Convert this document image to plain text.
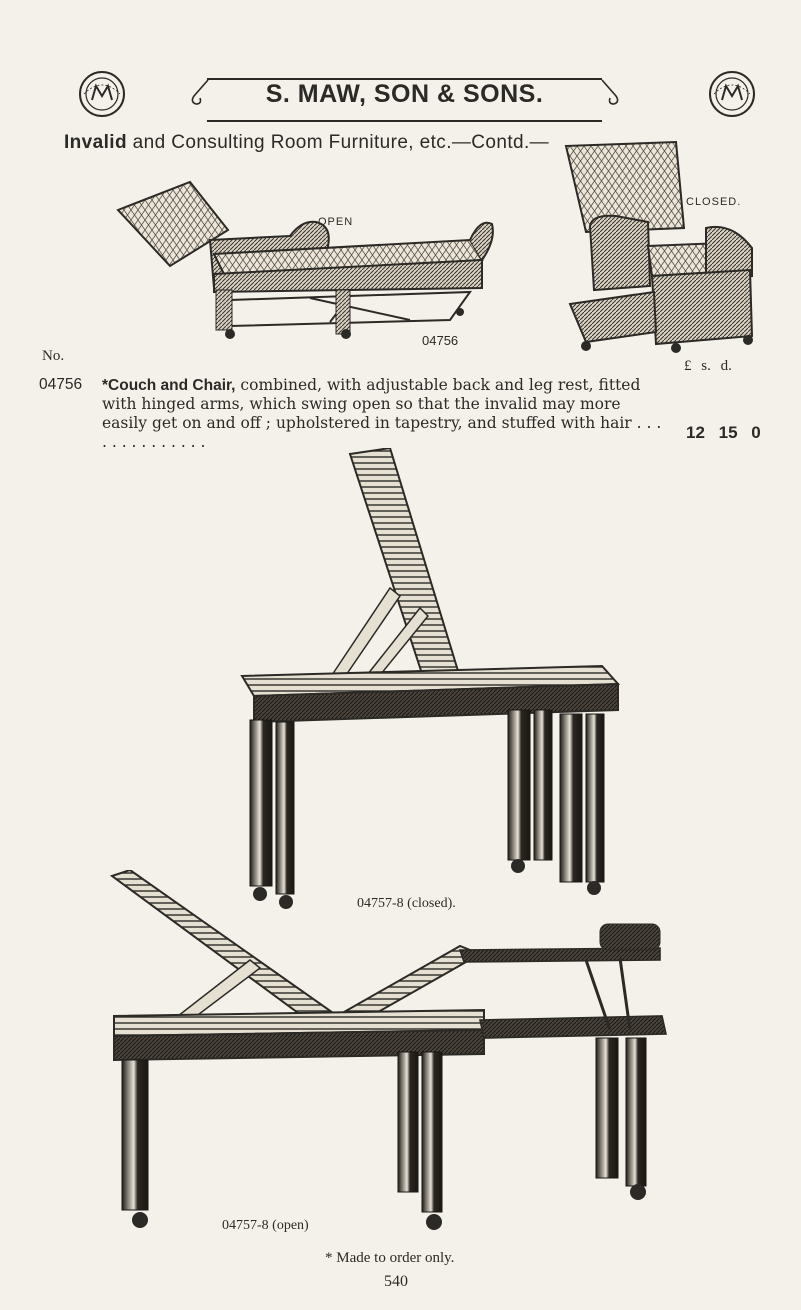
S. MAW, SON & SONS.
Invalid and Consulting Room Furniture, etc.—Contd.—
OPEN
04756
CLOSED.
No.
£ s. d.
04756 *Couch and Chair, combined, with adjustable back and leg rest, fitted with hinged arms, which swing open so that the invalid may more easily get on and off ; upholstered in tapestry, and stuffed with hair . . . . . . . . . . . . . .	12 15 0
04757-8 (closed).
04757-8 (open)
* Made to order only.
540
